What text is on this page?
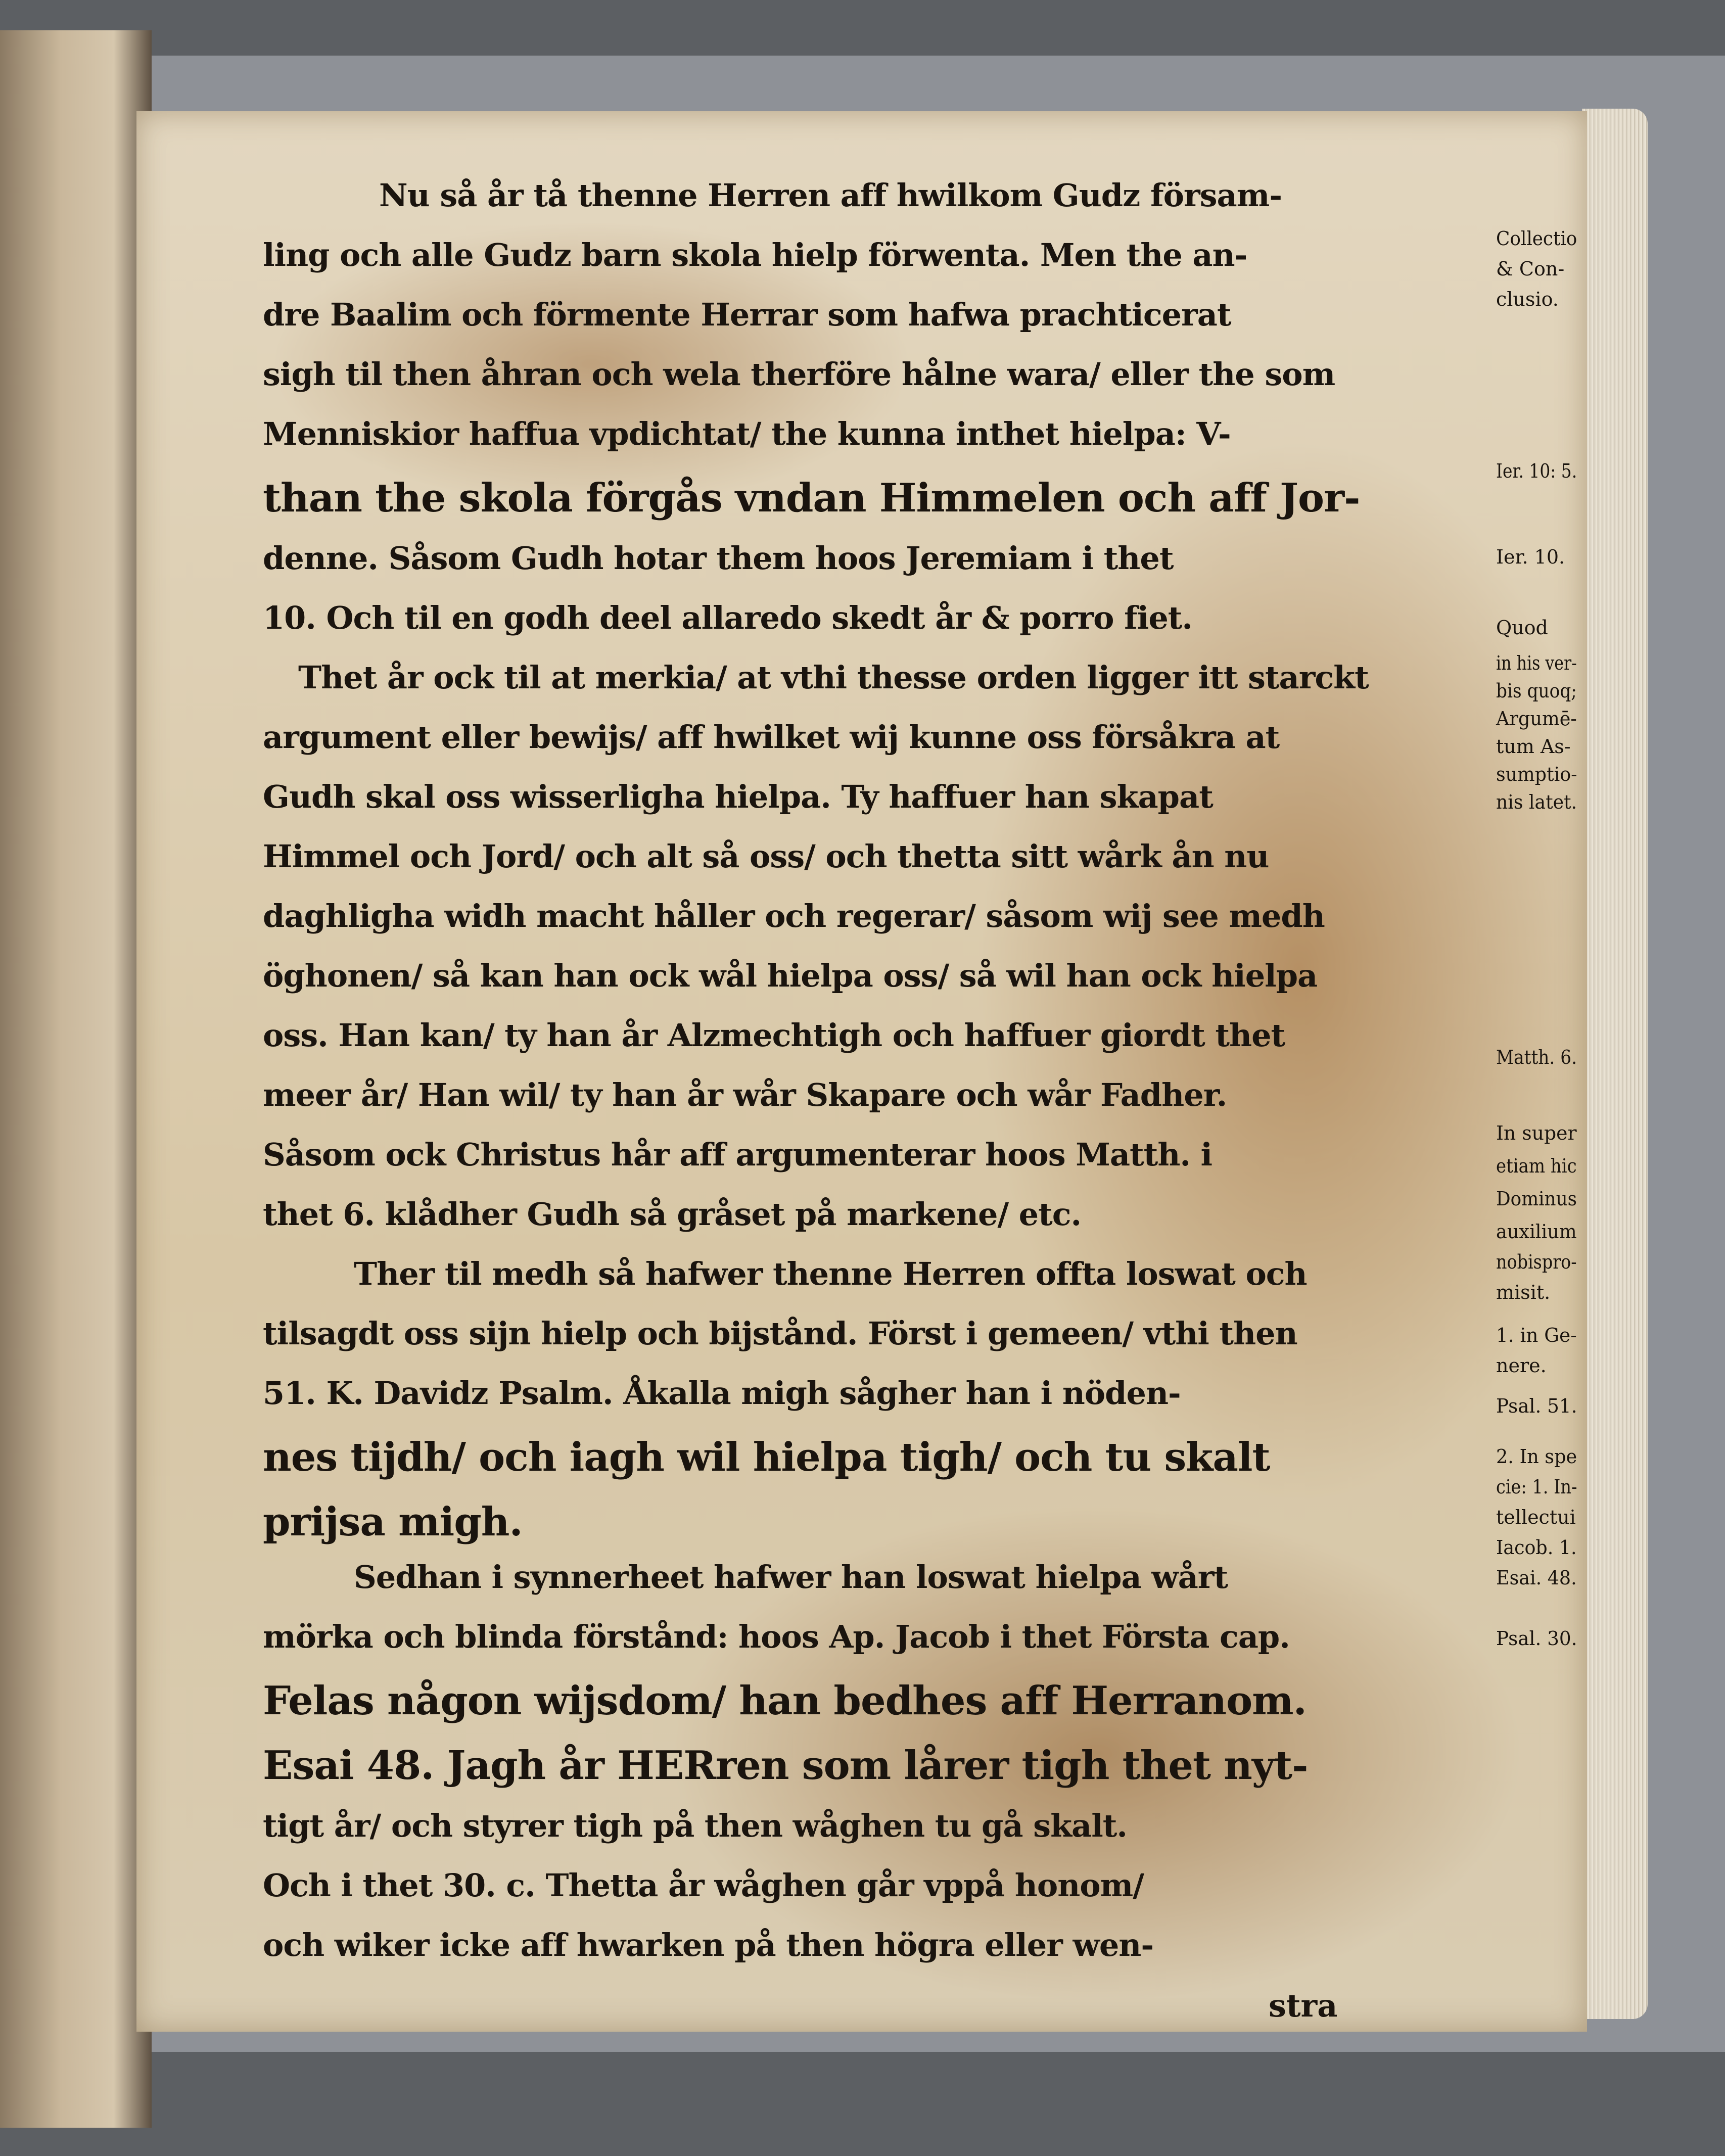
Nu så år tå thenne Herren aff hwilkom Gudz försam-
ling och alle Gudz barn skola hielp förwenta. Men the an-
dre Baalim och förmente Herrar som hafwa prachticerat
sigh til then åhran och wela therföre hålne wara/ eller the som
Menniskior haffua vpdichtat/ the kunna inthet hielpa: V-
than the skola förgås vndan Himmelen och aff Jor-
denne. Såsom Gudh hotar them hoos Jeremiam i thet
10. Och til en godh deel allaredo skedt år & porro fiet.
Thet år ock til at merkia/ at vthi thesse orden ligger itt starckt
argument eller bewijs/ aff hwilket wij kunne oss försåkra at
Gudh skal oss wisserligha hielpa. Ty haffuer han skapat
Himmel och Jord/ och alt så oss/ och thetta sitt wårk ån nu
daghligha widh macht håller och regerar/ såsom wij see medh
öghonen/ så kan han ock wål hielpa oss/ så wil han ock hielpa
oss. Han kan/ ty han år Alzmechtigh och haffuer giordt thet
meer år/ Han wil/ ty han år wår Skapare och wår Fadher.
Såsom ock Christus hår aff argumenterar hoos Matth. i
thet 6. klådher Gudh så gråset på markene/ etc.
Ther til medh så hafwer thenne Herren offta loswat och
tilsagdt oss sijn hielp och bijstånd. Först i gemeen/ vthi then
51. K. Davidz Psalm. Åkalla migh sågher han i nöden-
nes tijdh/ och iagh wil hielpa tigh/ och tu skalt
prijsa migh.
Sedhan i synnerheet hafwer han loswat hielpa wårt
mörka och blinda förstånd: hoos Ap. Jacob i thet Första cap.
Felas någon wijsdom/ han bedhes aff Herranom.
Esai 48. Jagh år HERren som lårer tigh thet nyt-
tigt år/ och styrer tigh på then wåghen tu gå skalt.
Och i thet 30. c. Thetta år wåghen går vppå honom/
och wiker icke aff hwarken på then högra eller wen-
Collectio
& Con-
clusio.
Ier. 10: 5.
Ier. 10.
Quod
in his ver-
bis quoq;
Argumē-
tum As-
sumptio-
nis latet.
Matth. 6.
In super
etiam hic
Dominus
auxilium
nobispro-
misit.
1. in Ge-
nere.
Psal. 51.
2. In spe
cie: 1. In-
tellectui
Iacob. 1.
Esai. 48.
Psal. 30.
stra
